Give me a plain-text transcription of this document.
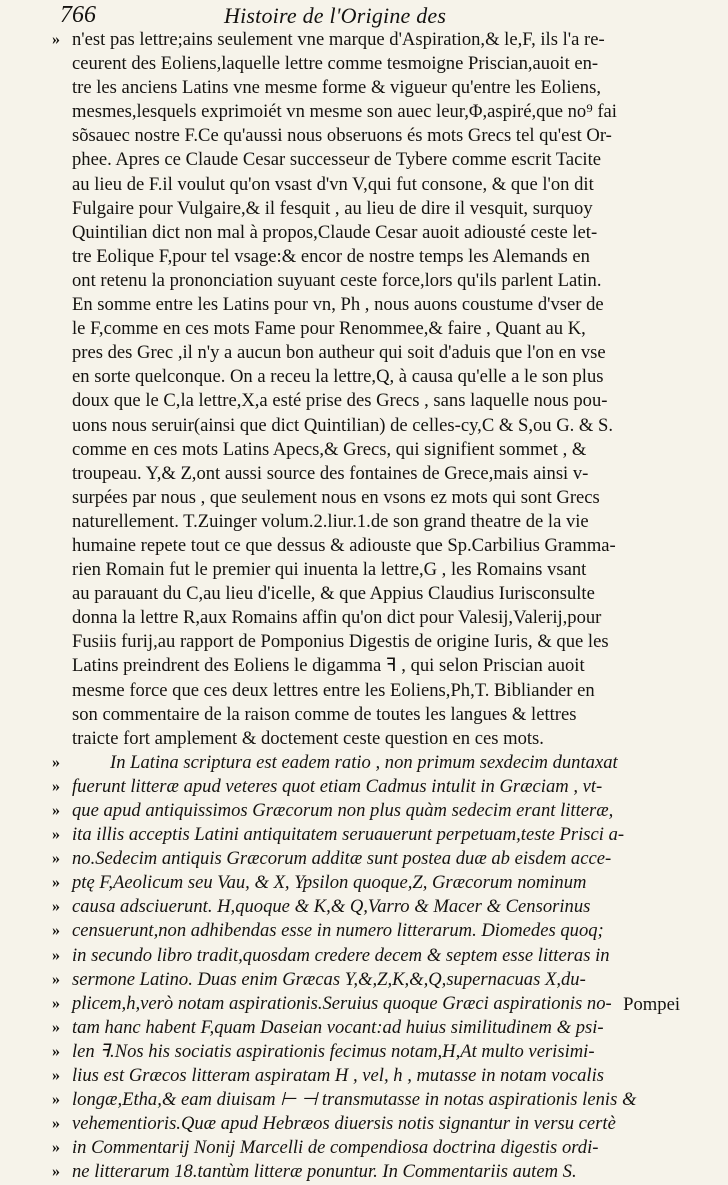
766	Histoire de l'Origine des
» n'est pas lettre;ains seulement vne marque d'Aspiration,& le,F, ils l'a re-
ceurent des Eoliens,laquelle lettre comme tesmoigne Priscian,auoit en-
tre les anciens Latins vne mesme forme & vigueur qu'entre les Eoliens,
mesmes,lesquels exprimoiét vn mesme son auec leur,Φ,aspiré,que no⁹ fai
sõsauec nostre F.Ce qu'aussi nous obseruons és mots Grecs tel qu'est Or-
phee. Apres ce Claude Cesar successeur de Tybere comme escrit Tacite
au lieu de F.il voulut qu'on vsast d'vn V,qui fut consone, & que l'on dit
Fulgaire pour Vulgaire,& il fesquit , au lieu de dire il vesquit, surquoy
Quintilian dict non mal à propos,Claude Cesar auoit adiousté ceste let-
tre Eolique F,pour tel vsage:& encor de nostre temps les Alemands en
ont retenu la prononciation suyuant ceste force,lors qu'ils parlent Latin.
En somme entre les Latins pour vn, Ph , nous auons coustume d'vser de
le F,comme en ces mots Fame pour Renommee,& faire , Quant au K,
pres des Grec ,il n'y a aucun bon autheur qui soit d'aduis que l'on en vse
en sorte quelconque. On a receu la lettre,Q, à causa qu'elle a le son plus
doux que le C,la lettre,X,a esté prise des Grecs , sans laquelle nous pou-
uons nous seruir(ainsi que dict Quintilian) de celles-cy,C & S,ou G. & S.
comme en ces mots Latins Apecs,& Grecs, qui signifient sommet , &
troupeau. Y,& Z,ont aussi source des fontaines de Grece,mais ainsi v-
surpées par nous , que seulement nous en vsons ez mots qui sont Grecs
naturellement. T.Zuinger volum.2.liur.1.de son grand theatre de la vie
humaine repete tout ce que dessus & adiouste que Sp.Carbilius Gramma-
rien Romain fut le premier qui inuenta la lettre,G , les Romains vsant
au parauant du C,au lieu d'icelle, & que Appius Claudius Iurisconsulte
donna la lettre R,aux Romains affin qu'on dict pour Valesij,Valerij,pour
Fusiis furij,au rapport de Pomponius Digestis de origine Iuris, & que les
Latins preindrent des Eoliens le digamma ꟻ , qui selon Priscian auoit
mesme force que ces deux lettres entre les Eoliens,Ph,T. Bibliander en
son commentaire de la raison comme de toutes les langues & lettres
traicte fort amplement & doctement ceste question en ces mots.
»	In Latina scriptura est eadem ratio , non primum sexdecim duntaxat
» fuerunt litteræ apud veteres quot etiam Cadmus intulit in Græciam , vt-
» que apud antiquissimos Græcorum non plus quàm sedecim erant litteræ,
» ita illis acceptis Latini antiquitatem seruauerunt perpetuam,teste Prisci a-
» no.Sedecim antiquis Græcorum additæ sunt postea duæ ab eisdem acce-
» ptę F,Aeolicum seu Vau, & X, Ypsilon quoque,Z, Græcorum nominum
» causa adsciuerunt. H,quoque & K,& Q,Varro & Macer & Censorinus
» censuerunt,non adhibendas esse in numero litterarum. Diomedes quoq;
» in secundo libro tradit,quosdam credere decem & septem esse litteras in
» sermone Latino. Duas enim Græcas Y,&,Z,K,&,Q,supernacuas X,du-
» plicem,h,verò notam aspirationis.Seruius quoque Græci aspirationis no-
» tam hanc habent F,quam Daseian vocant:ad huius similitudinem & psi-
» len ꟻ.Nos his sociatis aspirationis fecimus notam,H,At multo verisimi-
» lius est Græcos litteram aspiratam H , vel, h , mutasse in notam vocalis
» longæ,Etha,& eam diuisam ⊢ ⊣ transmutasse in notas aspirationis lenis &
» vehementioris.Quæ apud Hebræos diuersis notis signantur in versu certè
» in Commentarij Nonij Marcelli de compendiosa doctrina digestis ordi-
» ne litterarum 18.tantùm litteræ ponuntur. In Commentariis autem S.
Pompei
